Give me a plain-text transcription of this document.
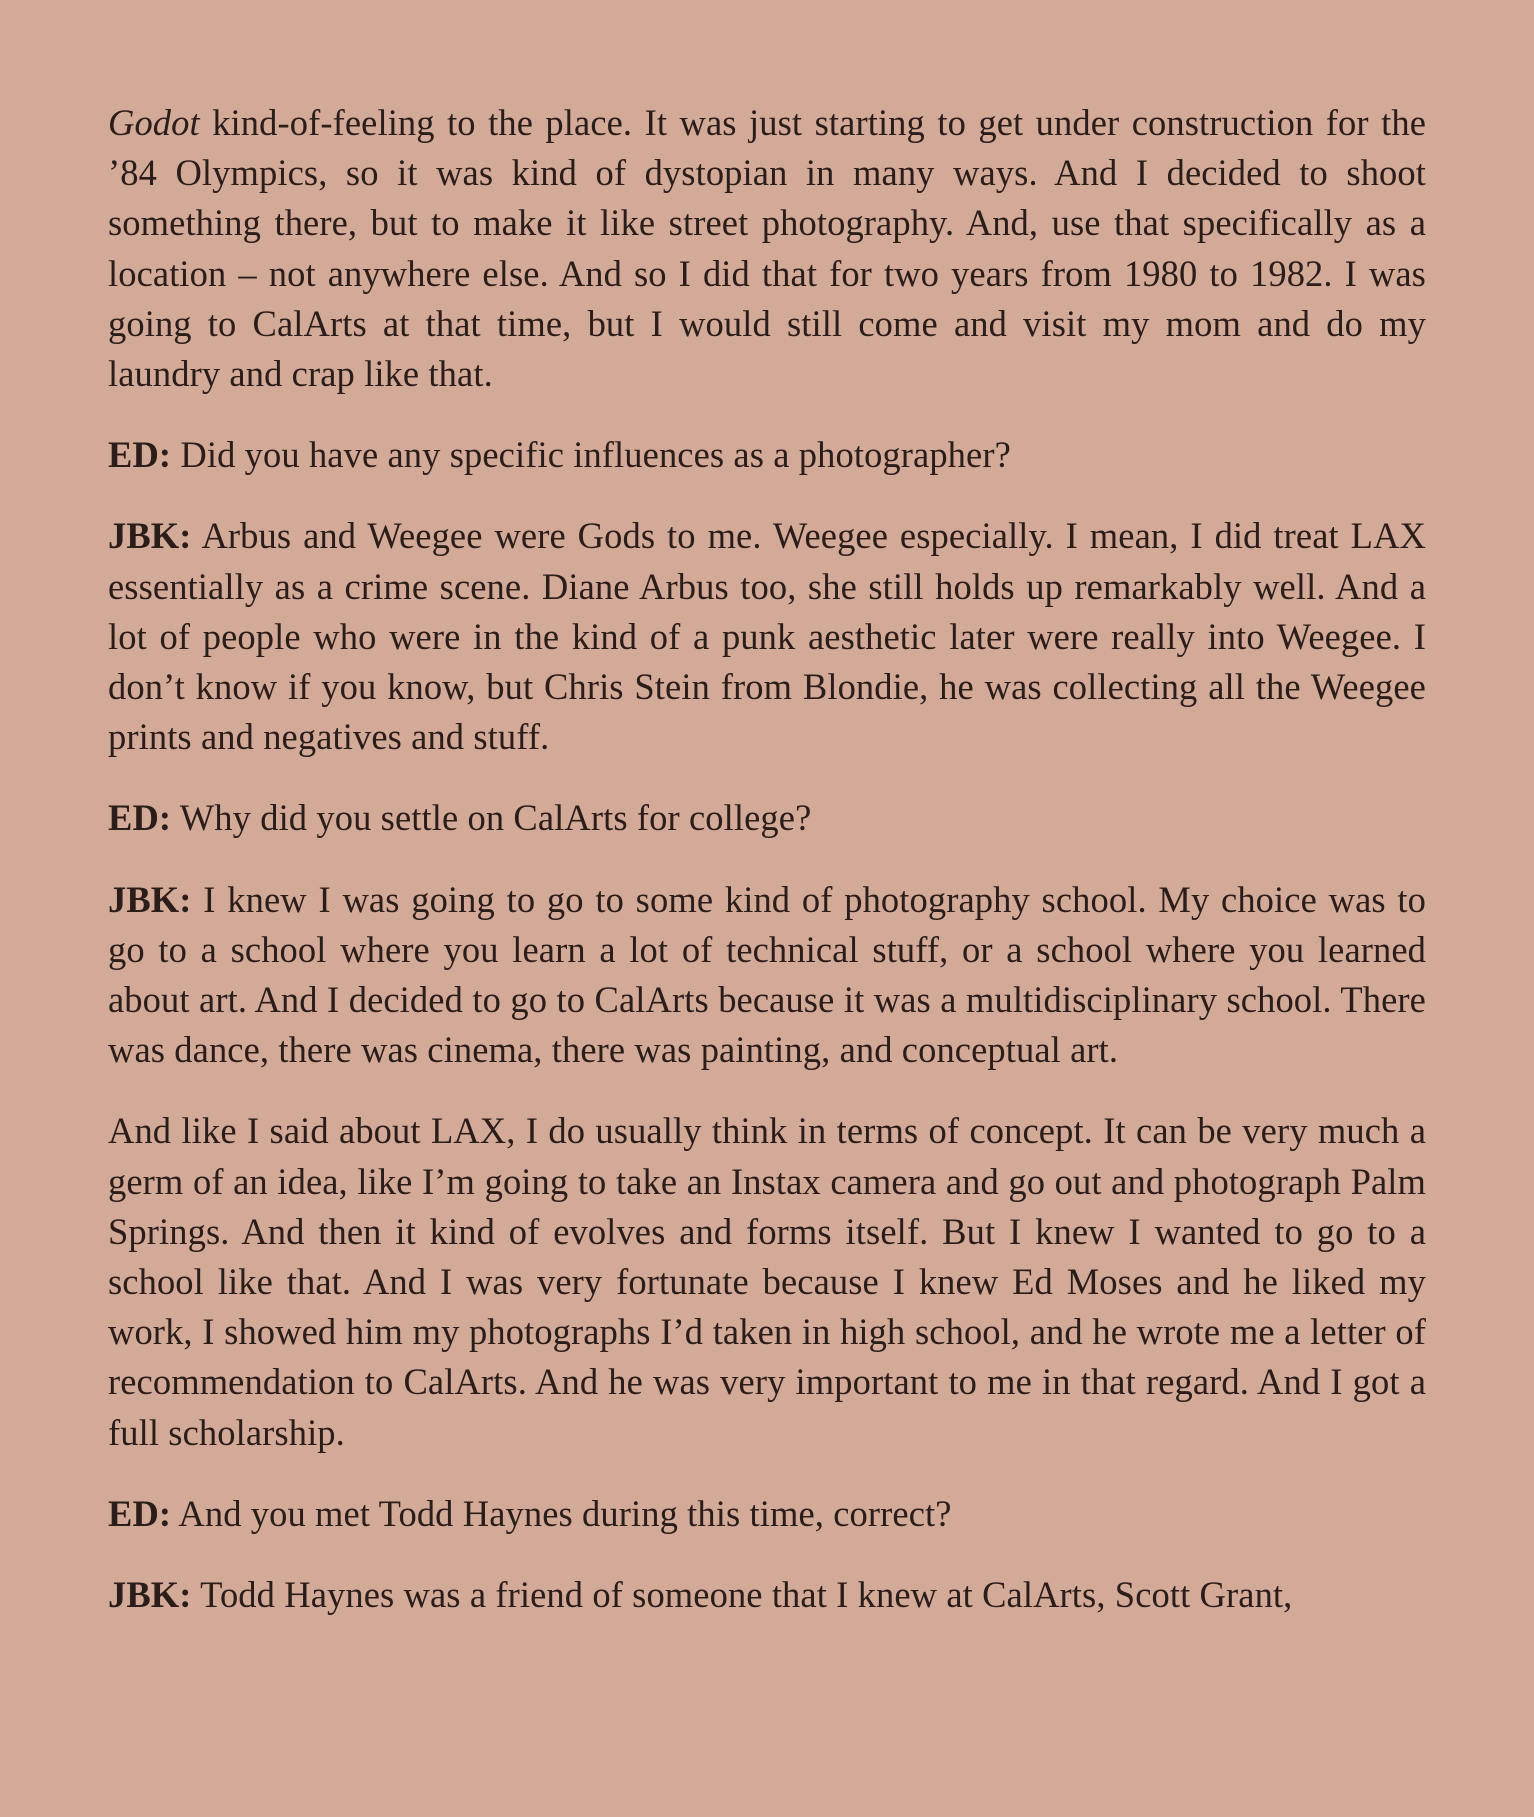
Godot kind-of-feeling to the place. It was just starting to get under construction for the ’84 Olympics, so it was kind of dystopian in many ways. And I decided to shoot something there, but to make it like street photography. And, use that specifically as a location – not anywhere else. And so I did that for two years from 1980 to 1982. I was going to CalArts at that time, but I would still come and visit my mom and do my laundry and crap like that.

ED: Did you have any specific influences as a photographer?

JBK: Arbus and Weegee were Gods to me. Weegee especially. I mean, I did treat LAX essentially as a crime scene. Diane Arbus too, she still holds up remarkably well. And a lot of people who were in the kind of a punk aesthetic later were really into Weegee. I don’t know if you know, but Chris Stein from Blondie, he was collecting all the Weegee prints and negatives and stuff.

ED: Why did you settle on CalArts for college?

JBK: I knew I was going to go to some kind of photography school. My choice was to go to a school where you learn a lot of technical stuff, or a school where you learned about art. And I decided to go to CalArts because it was a multidisciplinary school. There was dance, there was cinema, there was painting, and conceptual art.

And like I said about LAX, I do usually think in terms of concept. It can be very much a germ of an idea, like I’m going to take an Instax camera and go out and photograph Palm Springs. And then it kind of evolves and forms itself. But I knew I wanted to go to a school like that. And I was very fortunate because I knew Ed Moses and he liked my work, I showed him my photographs I’d taken in high school, and he wrote me a letter of recommendation to CalArts. And he was very important to me in that regard. And I got a full scholarship.

ED: And you met Todd Haynes during this time, correct?

JBK: Todd Haynes was a friend of someone that I knew at CalArts, Scott Grant,
